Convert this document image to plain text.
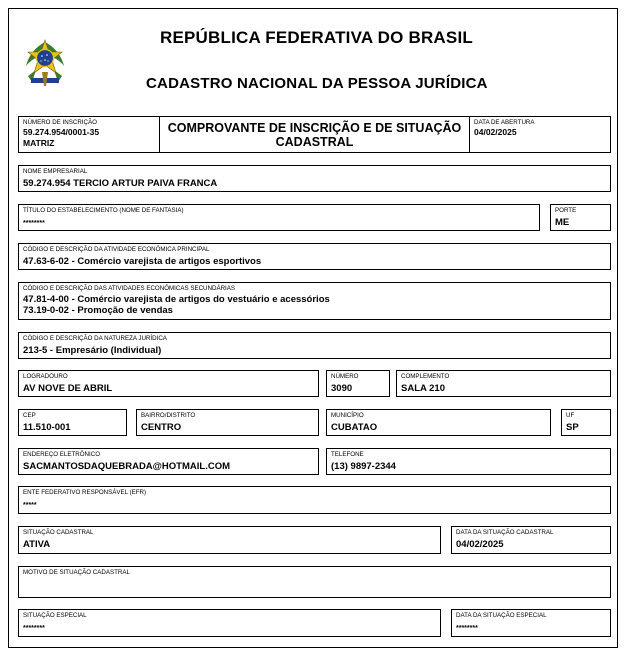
REPÚBLICA FEDERATIVA DO BRASIL
CADASTRO NACIONAL DA PESSOA JURÍDICA
NÚMERO DE INSCRIÇÃO
59.274.954/0001-35
MATRIZ
COMPROVANTE DE INSCRIÇÃO E DE SITUAÇÃO
CADASTRAL
DATA DE ABERTURA
04/02/2025
NOME EMPRESARIAL
59.274.954 TERCIO ARTUR PAIVA FRANCA
TÍTULO DO ESTABELECIMENTO (NOME DE FANTASIA)
********
PORTE
ME
CÓDIGO E DESCRIÇÃO DA ATIVIDADE ECONÔMICA PRINCIPAL
47.63-6-02 - Comércio varejista de artigos esportivos
CÓDIGO E DESCRIÇÃO DAS ATIVIDADES ECONÔMICAS SECUNDÁRIAS
47.81-4-00 - Comércio varejista de artigos do vestuário e acessórios
73.19-0-02 - Promoção de vendas
CÓDIGO E DESCRIÇÃO DA NATUREZA JURÍDICA
213-5 - Empresário (Individual)
LOGRADOURO
AV NOVE DE ABRIL
NÚMERO
3090
COMPLEMENTO
SALA 210
CEP
11.510-001
BAIRRO/DISTRITO
CENTRO
MUNICÍPIO
CUBATAO
UF
SP
ENDEREÇO ELETRÔNICO
SACMANTOSDAQUEBRADA@HOTMAIL.COM
TELEFONE
(13) 9897-2344
ENTE FEDERATIVO RESPONSÁVEL (EFR)
*****
SITUAÇÃO CADASTRAL
ATIVA
DATA DA SITUAÇÃO CADASTRAL
04/02/2025
MOTIVO DE SITUAÇÃO CADASTRAL
SITUAÇÃO ESPECIAL
********
DATA DA SITUAÇÃO ESPECIAL
********
